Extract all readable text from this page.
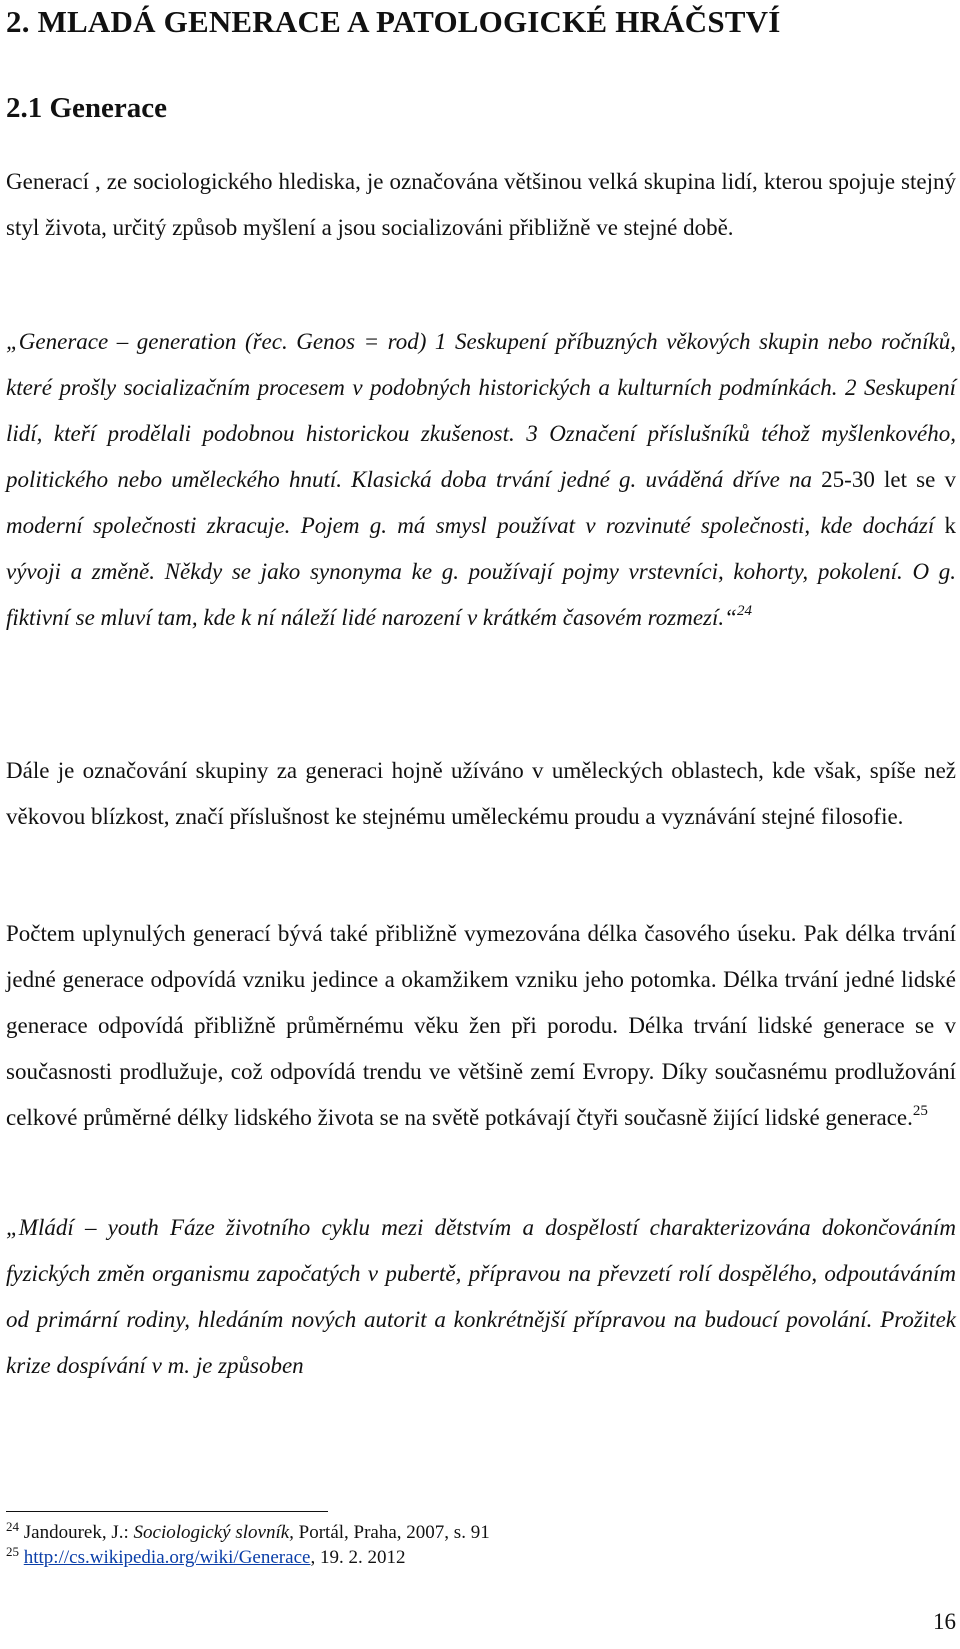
2. MLADÁ GENERACE A PATOLOGICKÉ HRÁČSTVÍ
2.1 Generace

Generací , ze sociologického hlediska, je označována většinou velká skupina lidí, kterou spojuje stejný styl života, určitý způsob myšlení a jsou socializováni přibližně ve stejné době.

„Generace – generation (řec. Genos = rod) 1 Seskupení příbuzných věkových skupin nebo ročníků, které prošly socializačním procesem v podobných historických a kulturních podmínkách. 2 Seskupení lidí, kteří prodělali podobnou historickou zkušenost. 3 Označení příslušníků téhož myšlenkového, politického nebo uměleckého hnutí. Klasická doba trvání jedné g. uváděná dříve na 25-30 let se v moderní společnosti zkracuje. Pojem g. má smysl používat v rozvinuté společnosti, kde dochází k vývoji a změně. Někdy se jako synonyma ke g. používají pojmy vrstevníci, kohorty, pokolení. O g. fiktivní se mluví tam, kde k ní náleží lidé narození v krátkém časovém rozmezí.“$^{24}$

Dále je označování skupiny za generaci hojně užíváno v uměleckých oblastech, kde však, spíše než věkovou blízkost, značí příslušnost ke stejnému uměleckému proudu a vyznávání stejné filosofie.

Počtem uplynulých generací bývá také přibližně vymezována délka časového úseku. Pak délka trvání jedné generace odpovídá vzniku jedince a okamžikem vzniku jeho potomka. Délka trvání jedné lidské generace odpovídá přibližně průměrnému věku žen při porodu. Délka trvání lidské generace se v současnosti prodlužuje, což odpovídá trendu ve většině zemí Evropy. Díky současnému prodlužování celkové průměrné délky lidského života se na světě potkávají čtyři současně žijící lidské generace.$^{25}$

„Mládí – youth Fáze životního cyklu mezi dětstvím a dospělostí charakterizována dokončováním fyzických změn organismu započatých v pubertě, přípravou na převzetí rolí dospělého, odpoutáváním od primární rodiny, hledáním nových autorit a konkrétnější přípravou na budoucí povolání. Prožitek krize dospívání v m. je způsoben

$^{24}$ Jandourek, J.: Sociologický slovník, Portál, Praha, 2007, s. 91
$^{25}$ http://cs.wikipedia.org/wiki/Generace, 19. 2. 2012
16
